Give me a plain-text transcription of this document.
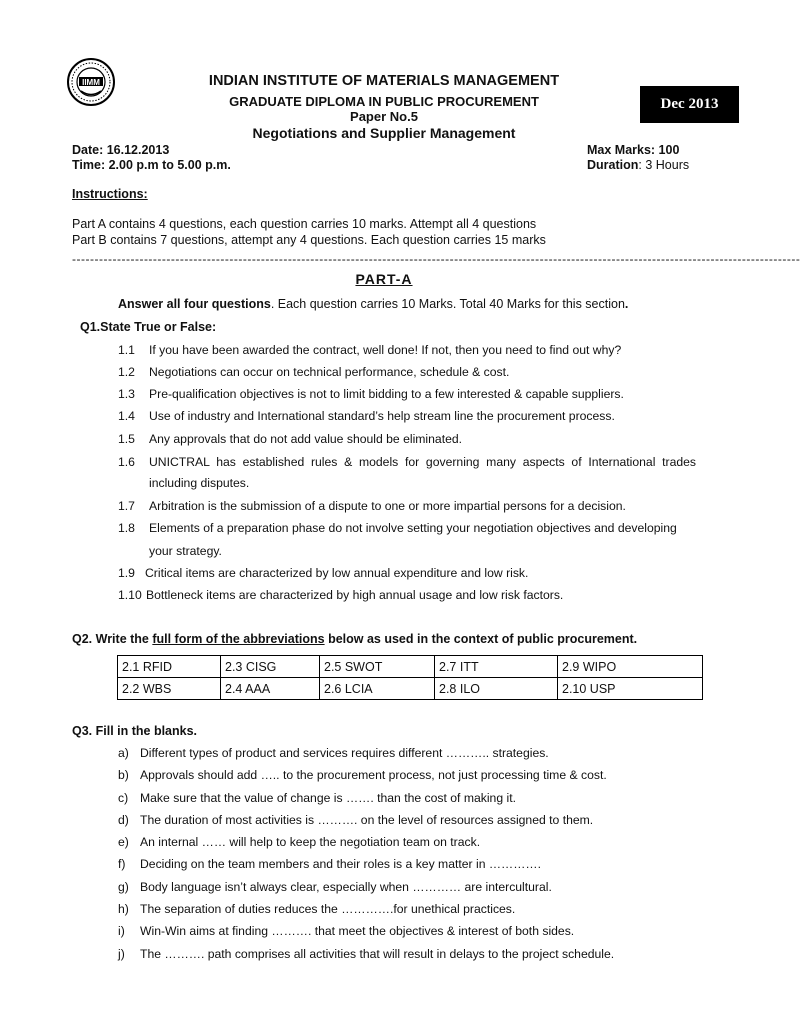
IIMM	INDIAN INSTITUTE OF MATERIALS MANAGEMENT
GRADUATE DIPLOMA IN PUBLIC PROCUREMENT
Paper No.5
Negotiations and Supplier Management
Dec 2013
Date: 16.12.2013
Time: 2.00 p.m to 5.00 p.m.
Max Marks: 100
Duration: 3 Hours
Instructions:
Part A contains 4 questions, each question carries 10 marks. Attempt all 4 questions
Part B contains 7 questions, attempt any 4 questions. Each question carries 15 marks
------------------------------------------------------------------------------------------------------------------------------------------------------------------
PART-A
Answer all four questions. Each question carries 10 Marks. Total 40 Marks for this section.
Q1.State True or False:
1.1 If you have been awarded the contract, well done! If not, then you need to find out why?
1.2 Negotiations can occur on technical performance, schedule & cost.
1.3 Pre-qualification objectives is not to limit bidding to a few interested & capable suppliers.
1.4 Use of industry and International standard’s help stream line the procurement process.
1.5 Any approvals that do not add value should be eliminated.
1.6 UNICTRAL has established rules & models for governing many aspects of International trades
including disputes.
1.7 Arbitration is the submission of a dispute to one or more impartial persons for a decision.
1.8 Elements of a preparation phase do not involve setting your negotiation objectives and developing
your strategy.
1.9 Critical items are characterized by low annual expenditure and low risk.
1.10 Bottleneck items are characterized by high annual usage and low risk factors.
Q2. Write the full form of the abbreviations below as used in the context of public procurement.
2.1 RFID	2.3 CISG	2.5 SWOT	2.7 ITT	2.9 WIPO
2.2 WBS	2.4 AAA	2.6 LCIA	2.8 ILO	2.10 USP
Q3. Fill in the blanks.
a) Different types of product and services requires different ……….. strategies.
b) Approvals should add ….. to the procurement process, not just processing time & cost.
c) Make sure that the value of change is ……. than the cost of making it.
d) The duration of most activities is ………. on the level of resources assigned to them.
e) An internal …… will help to keep the negotiation team on track.
f) Deciding on the team members and their roles is a key matter in ………….
g) Body language isn’t always clear, especially when ………… are intercultural.
h) The separation of duties reduces the ………….for unethical practices.
i) Win-Win aims at finding ………. that meet the objectives & interest of both sides.
j) The ………. path comprises all activities that will result in delays to the project schedule.
